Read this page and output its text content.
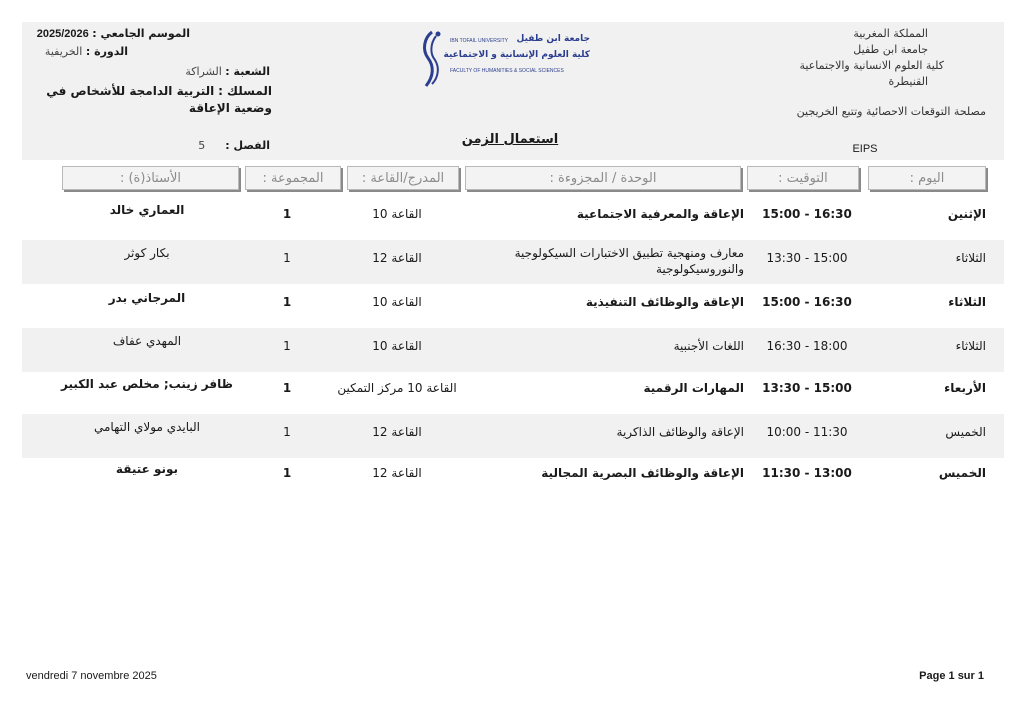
الموسم الجامعي : 2025/2026
الدورة : الخريفية
الشعبة : الشراكة
المسلك : التربية الدامجة للأشخاص في وضعية الإعاقة
الفصل : 5
IBN TOFAIL UNIVERSITY جامعة ابن طفيل
كلية العلوم الإنسانية و الاجتماعية
FACULTY OF HUMANITIES & SOCIAL SCIENCES
استعمال الزمن
المملكة المغربية
جامعة ابن طفيل
كلية العلوم الانسانية والاجتماعية
القنيطرة
مصلحة التوقعات الاحصائية وتتبع الخريجين
EIPS
اليوم :
التوقيت :
الوحدة / المجزوءة :
المدرج/القاعة :
المجموعة :
الأستاذ(ة) :
الإثنين
15:00 - 16:30
الإعاقة والمعرفية الاجتماعية
القاعة 10
1
العماري خالد
الثلاثاء
13:30 - 15:00
معارف ومنهجية تطبيق الاختبارات السيكولوجية والنوروسيكولوجية
القاعة 12
1
بكار كوثر
الثلاثاء
15:00 - 16:30
الإعاقة والوظائف التنفيذية
القاعة 10
1
المرجاني بدر
الثلاثاء
16:30 - 18:00
اللغات الأجنبية
القاعة 10
1
المهدي عفاف
الأربعاء
13:30 - 15:00
المهارات الرقمية
القاعة 10 مركز التمكين
1
ظافر زينب; مخلص عبد الكبير
الخميس
10:00 - 11:30
الإعاقة والوظائف الذاكرية
القاعة 12
1
البايدي مولاي التهامي
الخميس
11:30 - 13:00
الإعاقة والوظائف البصرية المجالية
القاعة 12
1
بونو عتيقة
vendredi 7 novembre 2025	Page 1 sur 1
